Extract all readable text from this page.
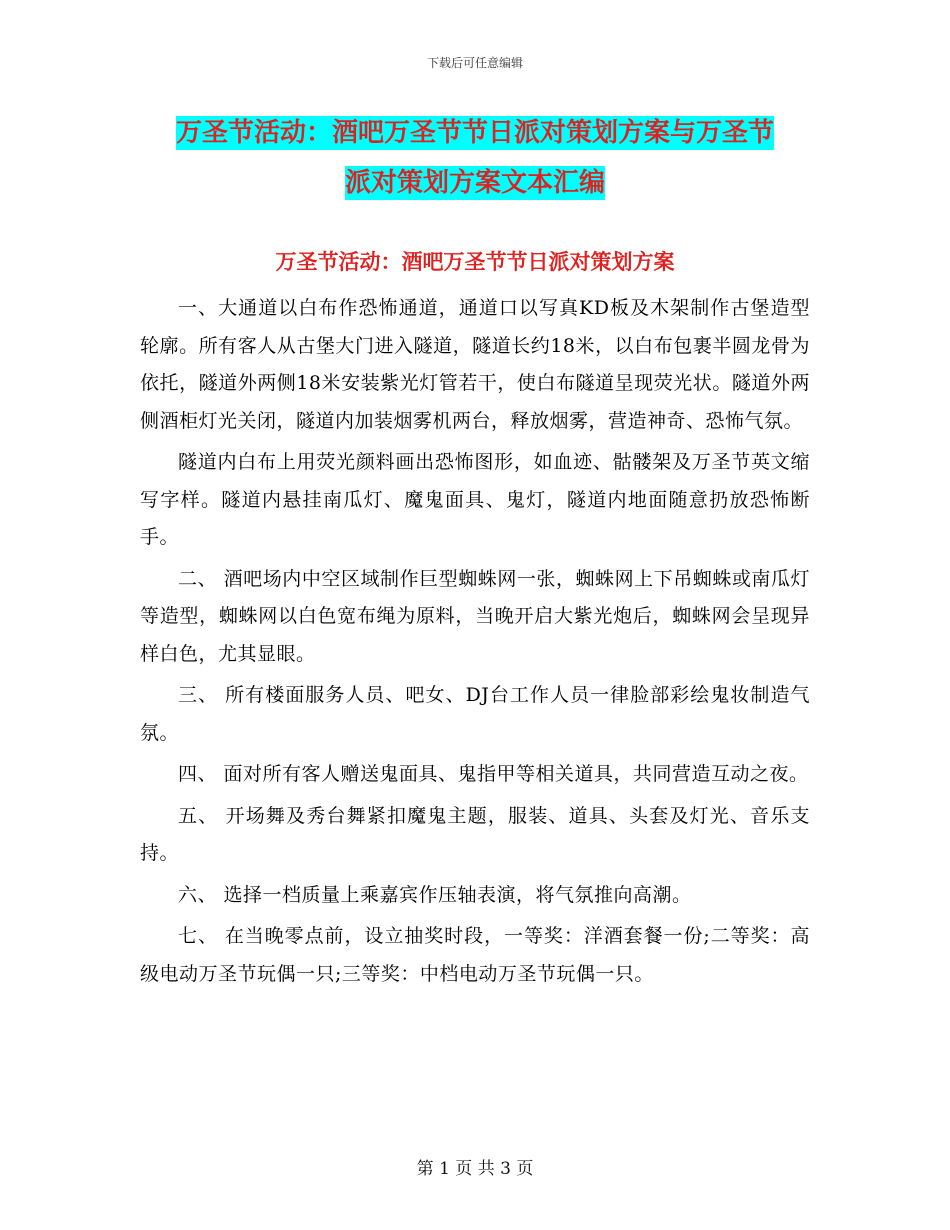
下载后可任意编辑
万圣节活动：酒吧万圣节节日派对策划方案与万圣节
派对策划方案文本汇编
万圣节活动：酒吧万圣节节日派对策划方案

一、大通道以白布作恐怖通道，通道口以写真KD板及木架制作古堡造型轮廓。所有客人从古堡大门进入隧道，隧道长约18米，以白布包裹半圆龙骨为依托，隧道外两侧18米安装紫光灯管若干，使白布隧道呈现荧光状。隧道外两侧酒柜灯光关闭，隧道内加装烟雾机两台，释放烟雾，营造神奇、恐怖气氛。

隧道内白布上用荧光颜料画出恐怖图形，如血迹、骷髅架及万圣节英文缩写字样。隧道内悬挂南瓜灯、魔鬼面具、鬼灯，隧道内地面随意扔放恐怖断手。

二、 酒吧场内中空区域制作巨型蜘蛛网一张，蜘蛛网上下吊蜘蛛或南瓜灯等造型，蜘蛛网以白色宽布绳为原料，当晚开启大紫光炮后，蜘蛛网会呈现异样白色，尤其显眼。

三、 所有楼面服务人员、吧女、DJ台工作人员一律脸部彩绘鬼妆制造气氛。

四、 面对所有客人赠送鬼面具、鬼指甲等相关道具，共同营造互动之夜。

五、 开场舞及秀台舞紧扣魔鬼主题，服装、道具、头套及灯光、音乐支持。

六、 选择一档质量上乘嘉宾作压轴表演，将气氛推向高潮。

七、 在当晚零点前，设立抽奖时段，一等奖：洋酒套餐一份;二等奖：高级电动万圣节玩偶一只;三等奖：中档电动万圣节玩偶一只。

第 1 页 共 3 页
